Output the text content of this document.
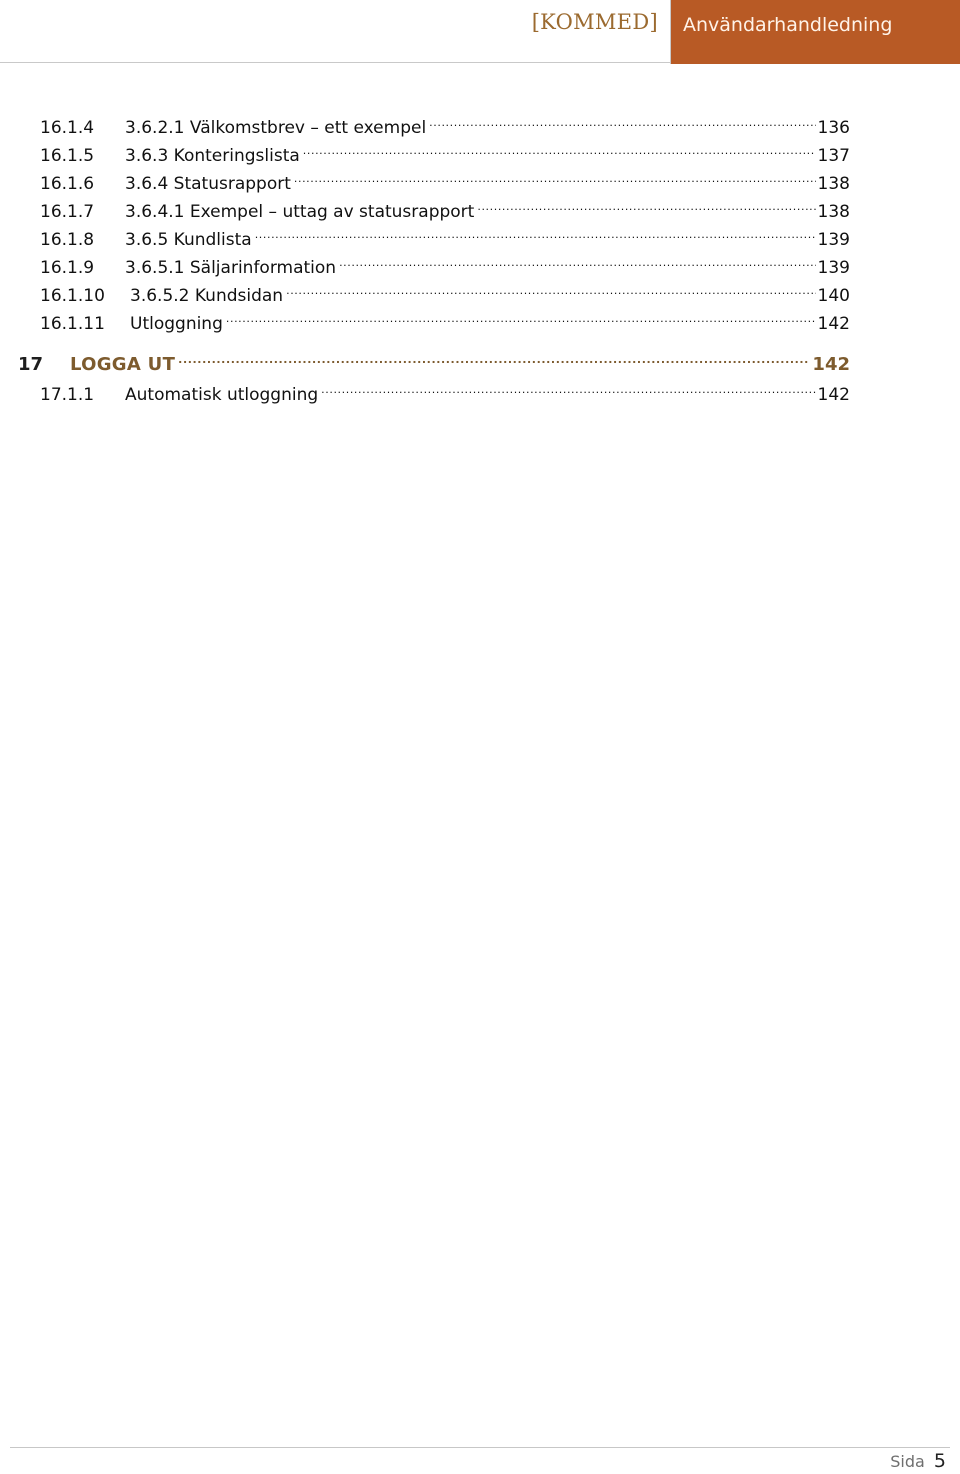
[KOMMED] Användarhandledning
16.1.4	3.6.2.1 Välkomstbrev – ett exempel .....	136
16.1.5	3.6.3 Konteringslista .....	137
16.1.6	3.6.4 Statusrapport .....	138
16.1.7	3.6.4.1 Exempel – uttag av statusrapport .....	138
16.1.8	3.6.5 Kundlista .....	139
16.1.9	3.6.5.1 Säljarinformation .....	139
16.1.10	3.6.5.2 Kundsidan .....	140
16.1.11	Utloggning .....	142
17	LOGGA UT .....	142
17.1.1	Automatisk utloggning .....	142
Sida 5
